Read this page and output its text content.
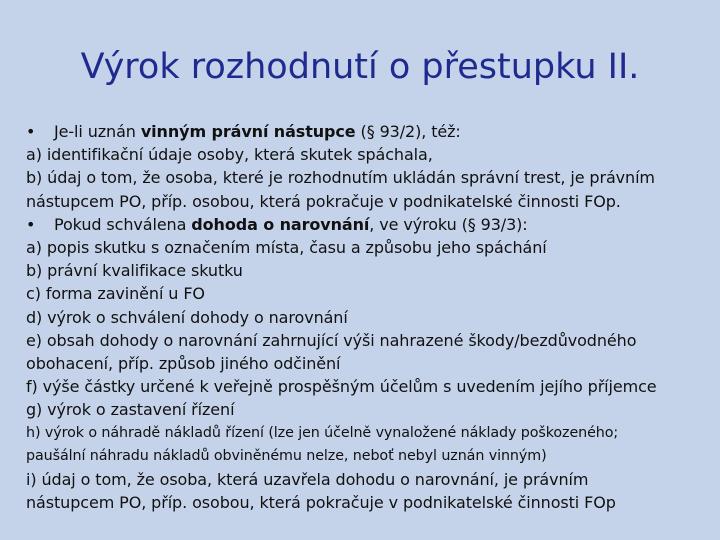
Výrok rozhodnutí o přestupku II.
• Je-li uznán vinným právní nástupce (§ 93/2), též:
a) identifikační údaje osoby, která skutek spáchala,
b) údaj o tom, že osoba, které je rozhodnutím ukládán správní trest, je právním
nástupcem PO, příp. osobou, která pokračuje v podnikatelské činnosti FOp.
• Pokud schválena dohoda o narovnání, ve výroku (§ 93/3):
a) popis skutku s označením místa, času a způsobu jeho spáchání
b) právní kvalifikace skutku
c) forma zavinění u FO
d) výrok o schválení dohody o narovnání
e) obsah dohody o narovnání zahrnující výši nahrazené škody/bezdůvodného
obohacení, příp. způsob jiného odčinění
f) výše částky určené k veřejně prospěšným účelům s uvedením jejího příjemce
g) výrok o zastavení řízení
h) výrok o náhradě nákladů řízení (lze jen účelně vynaložené náklady poškozeného;
paušální náhradu nákladů obviněnému nelze, neboť nebyl uznán vinným)
i) údaj o tom, že osoba, která uzavřela dohodu o narovnání, je právním
nástupcem PO, příp. osobou, která pokračuje v podnikatelské činnosti FOp
